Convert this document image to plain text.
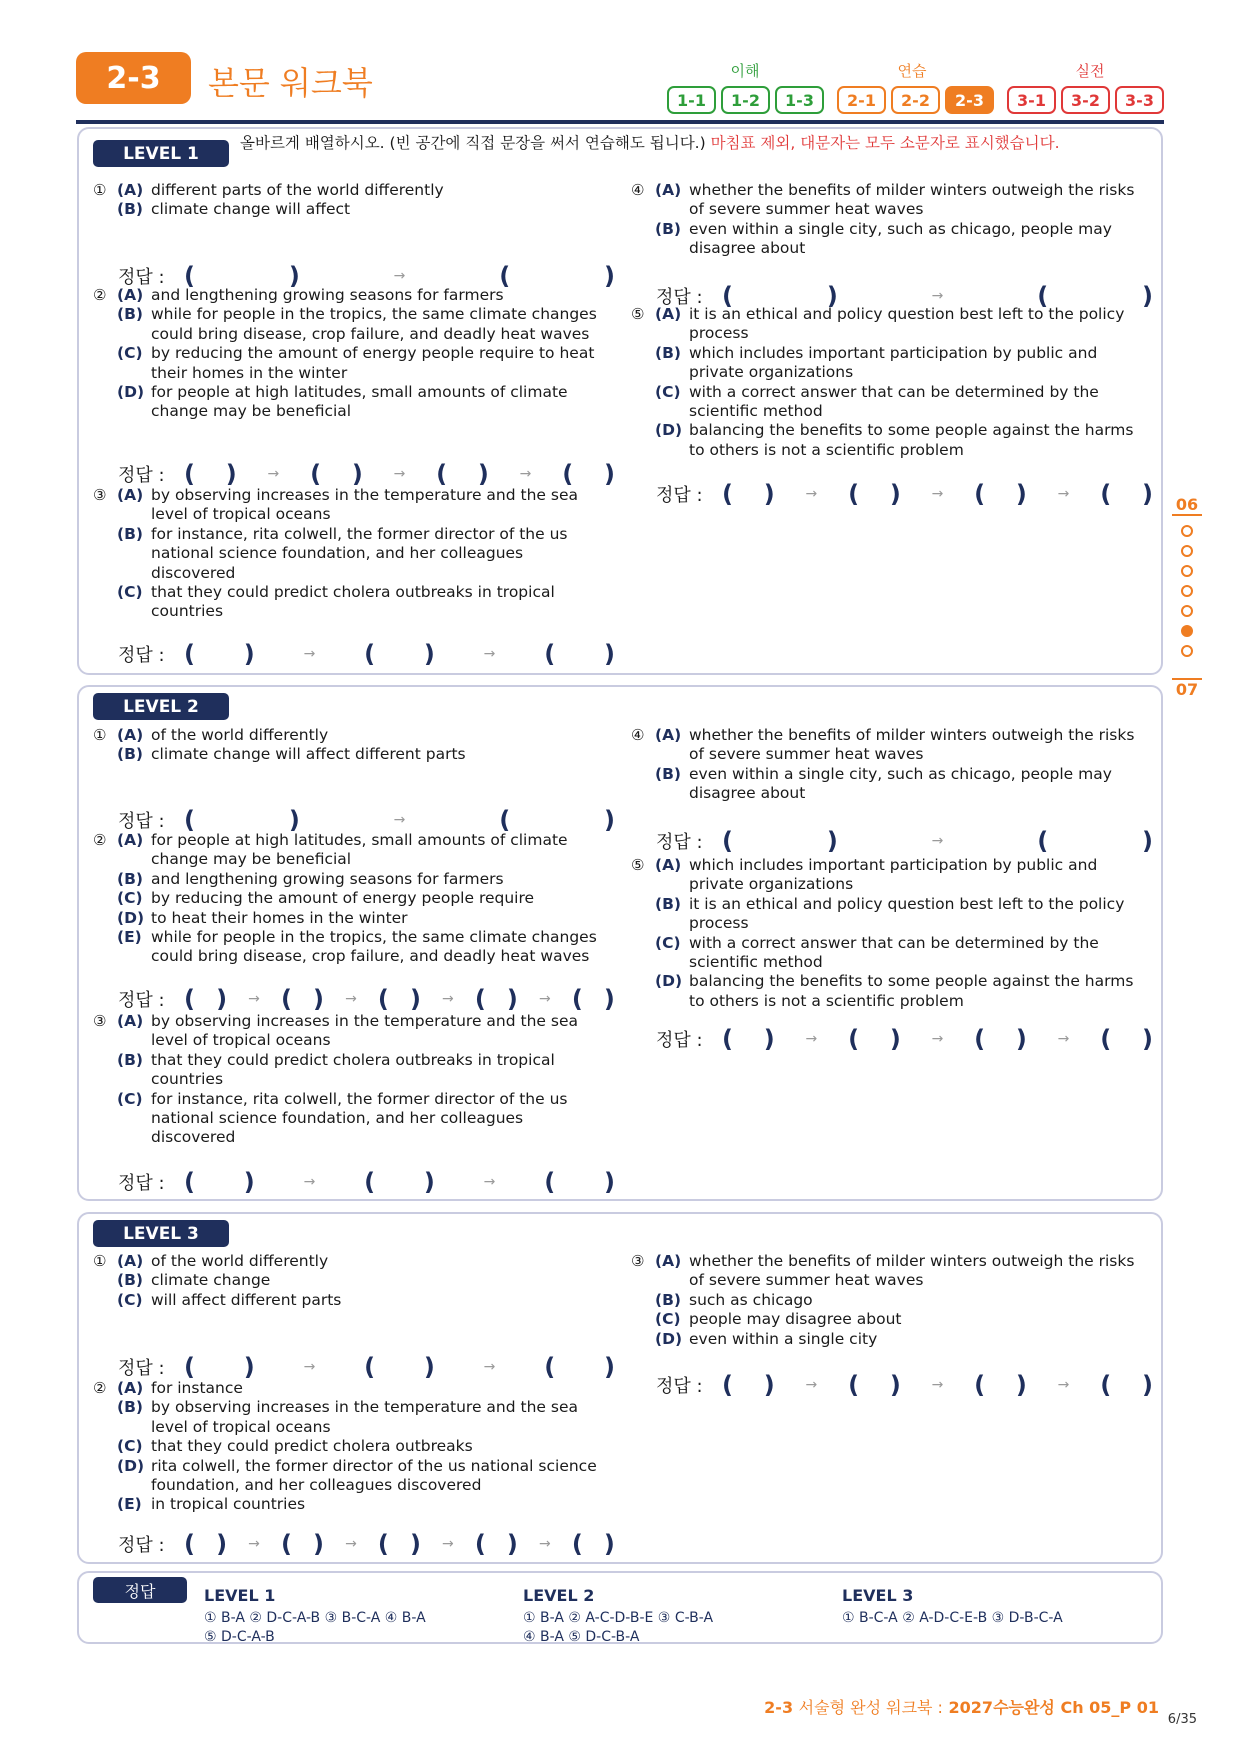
2-3	본문 워크북	이해	연습	실전
1-1	1-2	1-3	2-1	2-2	2-3	3-1	3-2	3-3
LEVEL 1
LEVEL 2
LEVEL 3
올바르게 배열하시오. (빈 공간에 직접 문장을 써서 연습해도 됩니다.) 마침표 제외, 대문자는 모두 소문자로 표시했습니다.
① (A) different parts of the world differently
(B) climate change will affect
정답 : (	)	→	(	)
② (A) and lengthening growing seasons for farmers
(B) while for people in the tropics, the same climate changes could bring disease, crop failure, and deadly heat waves
(C) by reducing the amount of energy people require to heat their homes in the winter
(D) for people at high latitudes, small amounts of climate change may be beneficial
정답 : ( ) → ( ) → ( ) → ( )
③ (A) by observing increases in the temperature and the sea level of tropical oceans
(B) for instance, rita colwell, the former director of the us national science foundation, and her colleagues discovered
(C) that they could predict cholera outbreaks in tropical countries
정답 : ( )	→ ( )	→ ( )
④ (A) whether the benefits of milder winters outweigh the risks of severe summer heat waves
(B) even within a single city, such as chicago, people may disagree about
정답 : (	)	→	(	)
⑤ (A) it is an ethical and policy question best left to the policy process
(B) which includes important participation by public and private organizations
(C) with a correct answer that can be determined by the scientific method
(D) balancing the benefits to some people against the harms to others is not a scientific problem
정답 : ( ) → ( ) → ( ) → ( )
① (A) of the world differently
(B) climate change will affect different parts
정답 : (	)	→	(	)
② (A) for people at high latitudes, small amounts of climate change may be beneficial
(B) and lengthening growing seasons for farmers
(C) by reducing the amount of energy people require
(D) to heat their homes in the winter
(E) while for people in the tropics, the same climate changes could bring disease, crop failure, and deadly heat waves
정답 : ( ) → ( ) → ( ) → ( ) → ( )
③ (A) by observing increases in the temperature and the sea level of tropical oceans
(B) that they could predict cholera outbreaks in tropical countries
(C) for instance, rita colwell, the former director of the us national science foundation, and her colleagues discovered
정답 : ( )	→ ( )	→ ( )
④ (A) whether the benefits of milder winters outweigh the risks of severe summer heat waves
(B) even within a single city, such as chicago, people may disagree about
정답 : (	)	→	(	)
⑤ (A) which includes important participation by public and private organizations
(B) it is an ethical and policy question best left to the policy process
(C) with a correct answer that can be determined by the scientific method
(D) balancing the benefits to some people against the harms to others is not a scientific problem
정답 : ( ) → ( ) → ( ) → ( )
① (A) of the world differently
(B) climate change
(C) will affect different parts
정답 : ( )	→ ( )	→ ( )
② (A) for instance
(B) by observing increases in the temperature and the sea level of tropical oceans
(C) that they could predict cholera outbreaks
(D) rita colwell, the former director of the us national science foundation, and her colleagues discovered
(E) in tropical countries
정답 : ( ) → ( ) → ( ) → ( ) → ( )
③ (A) whether the benefits of milder winters outweigh the risks of severe summer heat waves
(B) such as chicago
(C) people may disagree about
(D) even within a single city
정답 : ( ) → ( ) → ( ) → ( )
정답	LEVEL 1
① B-A ② D-C-A-B ③ B-C-A ④ B-A
⑤ D-C-A-B
LEVEL 2
① B-A ② A-C-D-B-E ③ C-B-A
④ B-A ⑤ D-C-B-A
LEVEL 3
① B-C-A ② A-D-C-E-B ③ D-B-C-A
06
07
2-3 서술형 완성 워크북 : 2027수능완성 Ch 05_P 01
6/35
